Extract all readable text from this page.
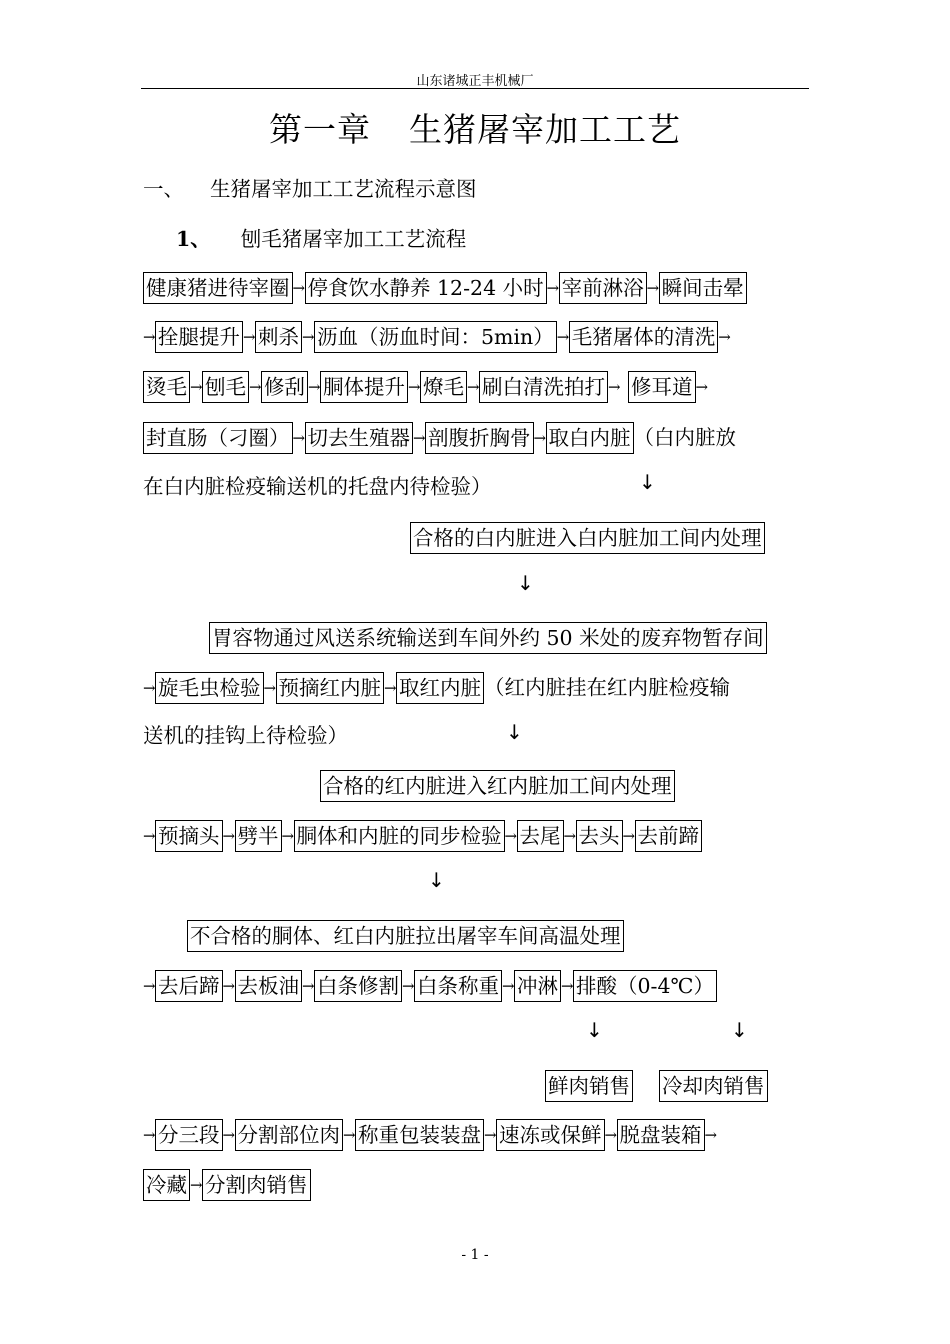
山东诸城正丰机械厂
第一章 生猪屠宰加工工艺
一、 生猪屠宰加工工艺流程示意图
1、 刨毛猪屠宰加工工艺流程
健康猪进待宰圈 → 停食饮水静养 12-24 小时 → 宰前淋浴 → 瞬间击晕
→ 拴腿提升 → 刺杀 → 沥血（沥血时间：5min） → 毛猪屠体的清洗 →
烫毛 → 刨毛 → 修刮 → 胴体提升 → 燎毛 → 刷白清洗拍打 → 修耳道 →
封直肠（刁圈） → 切去生殖器 → 剖腹折胸骨 → 取白内脏 （白内脏放
在白内脏检疫输送机的托盘内待检验）	↓
合格的白内脏进入白内脏加工间内处理
↓
胃容物通过风送系统输送到车间外约 50 米处的废弃物暂存间
→ 旋毛虫检验 → 预摘红内脏 → 取红内脏 （红内脏挂在红内脏检疫输
送机的挂钩上待检验）	↓
合格的红内脏进入红内脏加工间内处理
→ 预摘头 → 劈半 → 胴体和内脏的同步检验 → 去尾 → 去头 → 去前蹄
↓
不合格的胴体、红白内脏拉出屠宰车间高温处理
→ 去后蹄 → 去板油 → 白条修割 → 白条称重 → 冲淋 → 排酸（0-4℃）
↓	↓
鲜肉销售 冷却肉销售
→ 分三段 → 分割部位肉 → 称重包装装盘 → 速冻或保鲜 → 脱盘装箱 →
冷藏 → 分割肉销售
- 1 -
